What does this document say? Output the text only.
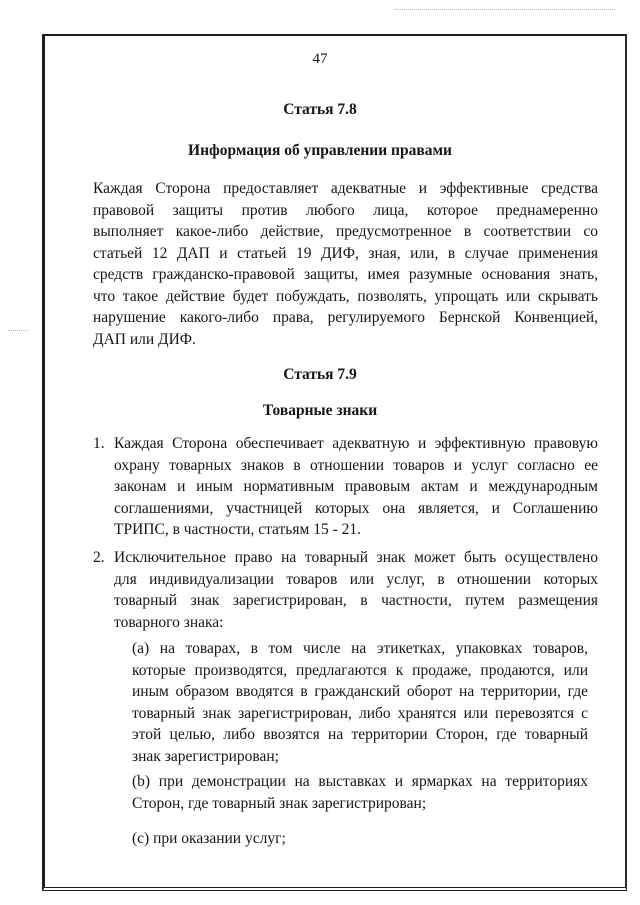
47
Статья 7.8
Информация об управлении правами
Каждая Сторона предоставляет адекватные и эффективные средства
правовой защиты против любого лица, которое преднамеренно
выполняет какое-либо действие, предусмотренное в соответствии со
статьей 12 ДАП и статьей 19 ДИФ, зная, или, в случае применения
средств гражданско-правовой защиты, имея разумные основания знать,
что такое действие будет побуждать, позволять, упрощать или скрывать
нарушение какого-либо права, регулируемого Бернской Конвенцией,
ДАП или ДИФ.
Статья 7.9
Товарные знаки
1. Каждая Сторона обеспечивает адекватную и эффективную правовую
охрану товарных знаков в отношении товаров и услуг согласно ее
законам и иным нормативным правовым актам и международным
соглашениями, участницей которых она является, и Соглашению
ТРИПС, в частности, статьям 15 - 21.
2. Исключительное право на товарный знак может быть осуществлено
для индивидуализации товаров или услуг, в отношении которых
товарный знак зарегистрирован, в частности, путем размещения
товарного знака:
(a) на товарах, в том числе на этикетках, упаковках товаров,
которые производятся, предлагаются к продаже, продаются, или
иным образом вводятся в гражданский оборот на территории, где
товарный знак зарегистрирован, либо хранятся или перевозятся с
этой целью, либо ввозятся на территории Сторон, где товарный
знак зарегистрирован;
(b) при демонстрации на выставках и ярмарках на территориях
Сторон, где товарный знак зарегистрирован;
(c) при оказании услуг;
